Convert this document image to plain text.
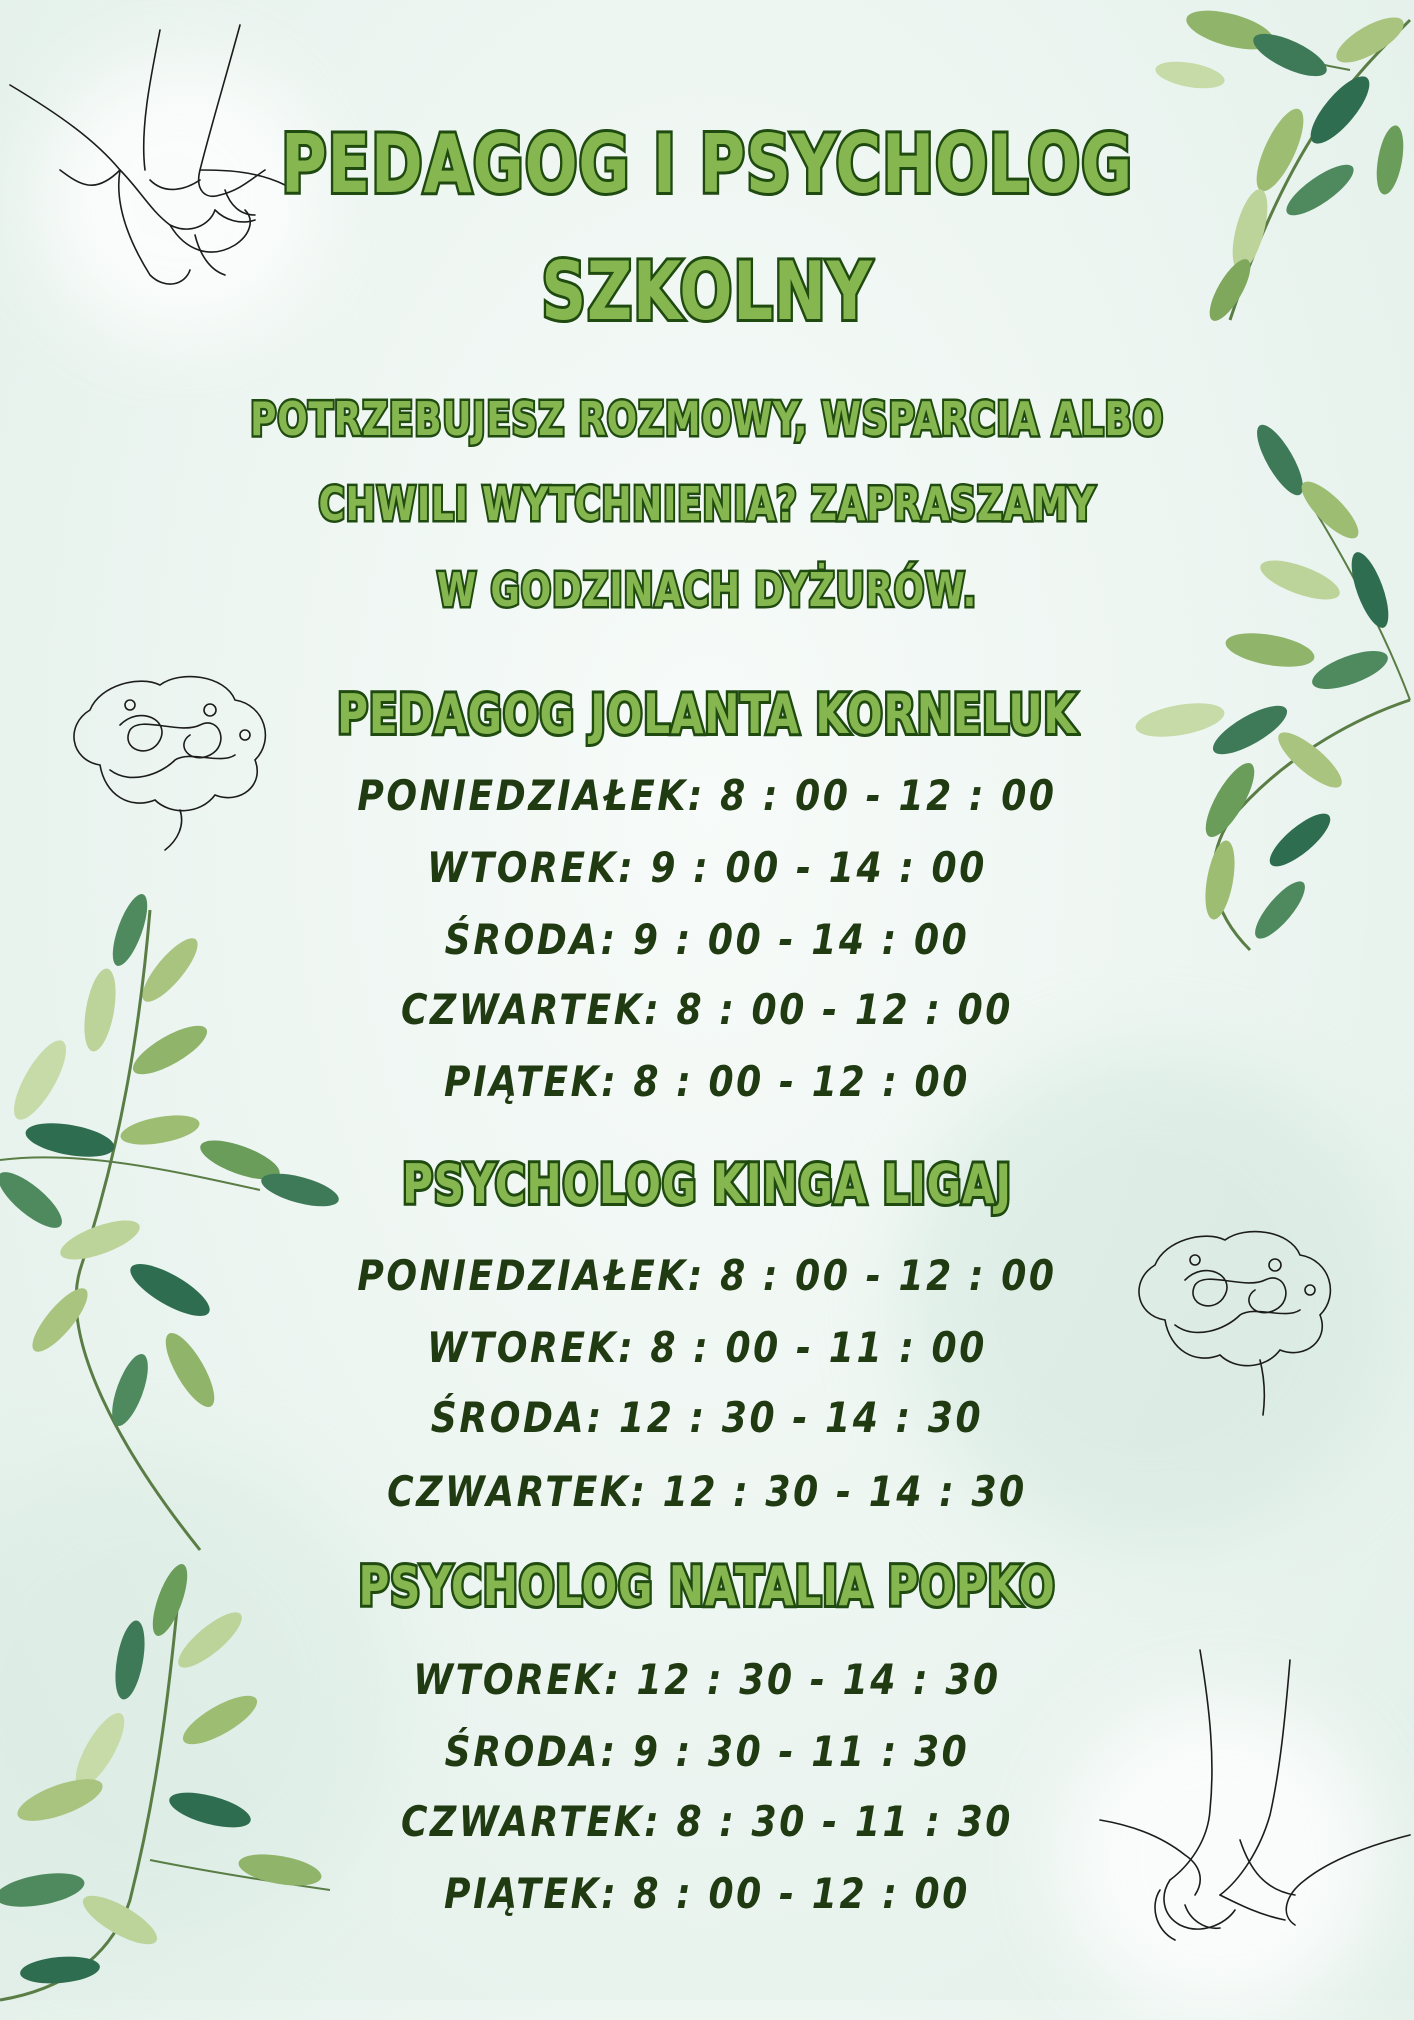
PEDAGOG I PSYCHOLOG
SZKOLNY
POTRZEBUJESZ ROZMOWY, WSPARCIA ALBO
CHWILI WYTCHNIENIA? ZAPRASZAMY
W GODZINACH DYŻURÓW.
PEDAGOG JOLANTA KORNELUK
PONIEDZIAŁEK: 8 : 00 - 12 : 00
WTOREK: 9 : 00 - 14 : 00
ŚRODA: 9 : 00 - 14 : 00
CZWARTEK: 8 : 00 - 12 : 00
PIĄTEK: 8 : 00 - 12 : 00
PSYCHOLOG KINGA LIGAJ
PONIEDZIAŁEK: 8 : 00 - 12 : 00
WTOREK: 8 : 00 - 11 : 00
ŚRODA: 12 : 30 - 14 : 30
CZWARTEK: 12 : 30 - 14 : 30
PSYCHOLOG NATALIA POPKO
WTOREK: 12 : 30 - 14 : 30
ŚRODA: 9 : 30 - 11 : 30
CZWARTEK: 8 : 30 - 11 : 30
PIĄTEK: 8 : 00 - 12 : 00
